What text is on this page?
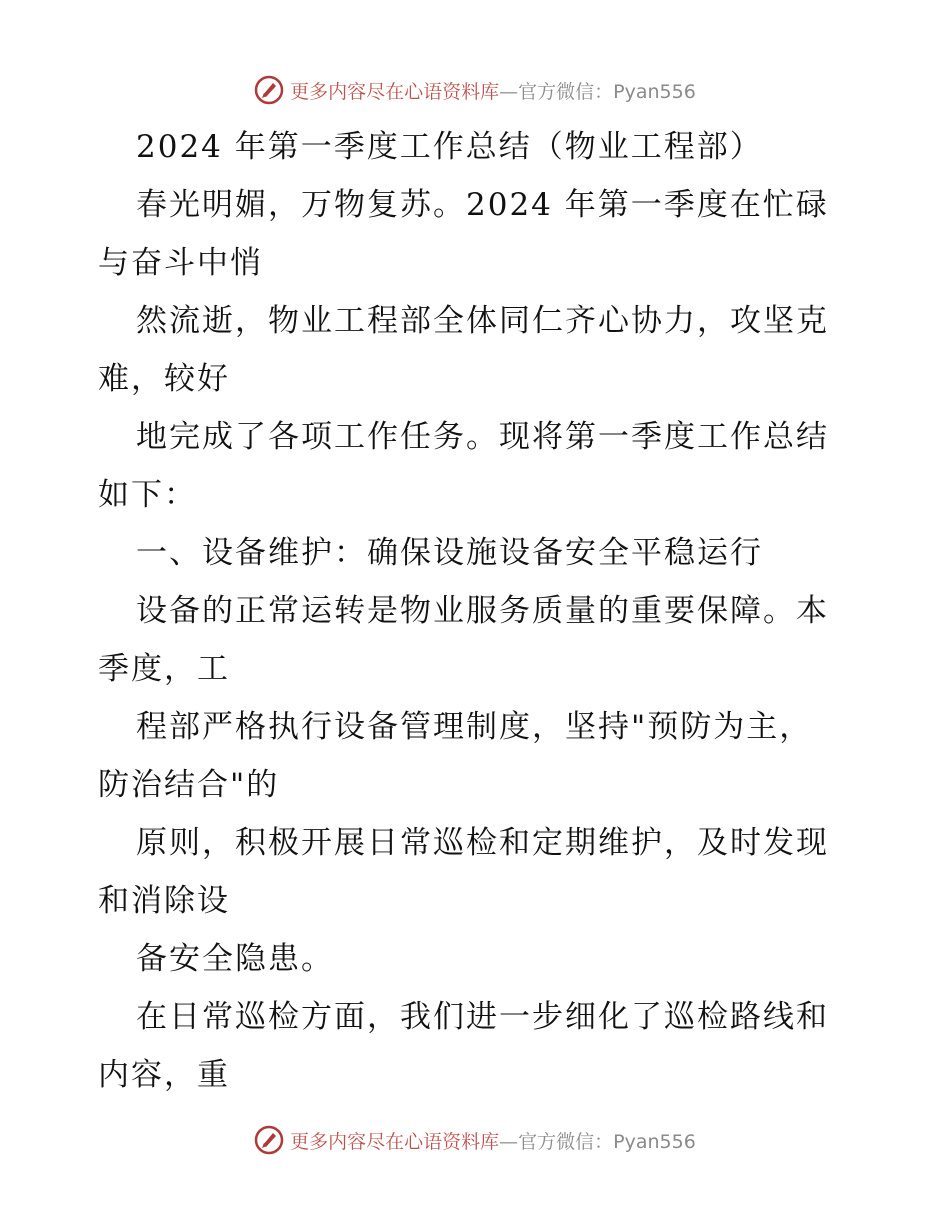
更多内容尽在心语资料库—官方微信：Pyan556
2024 年第一季度工作总结（物业工程部）
春光明媚，万物复苏。2024 年第一季度在忙碌
与奋斗中悄
然流逝，物业工程部全体同仁齐心协力，攻坚克
难，较好
地完成了各项工作任务。现将第一季度工作总结
如下：
一、设备维护：确保设施设备安全平稳运行
设备的正常运转是物业服务质量的重要保障。本
季度，工
程部严格执行设备管理制度，坚持"预防为主，
防治结合"的
原则，积极开展日常巡检和定期维护，及时发现
和消除设
备安全隐患。
在日常巡检方面，我们进一步细化了巡检路线和
内容，重
更多内容尽在心语资料库—官方微信：Pyan556
